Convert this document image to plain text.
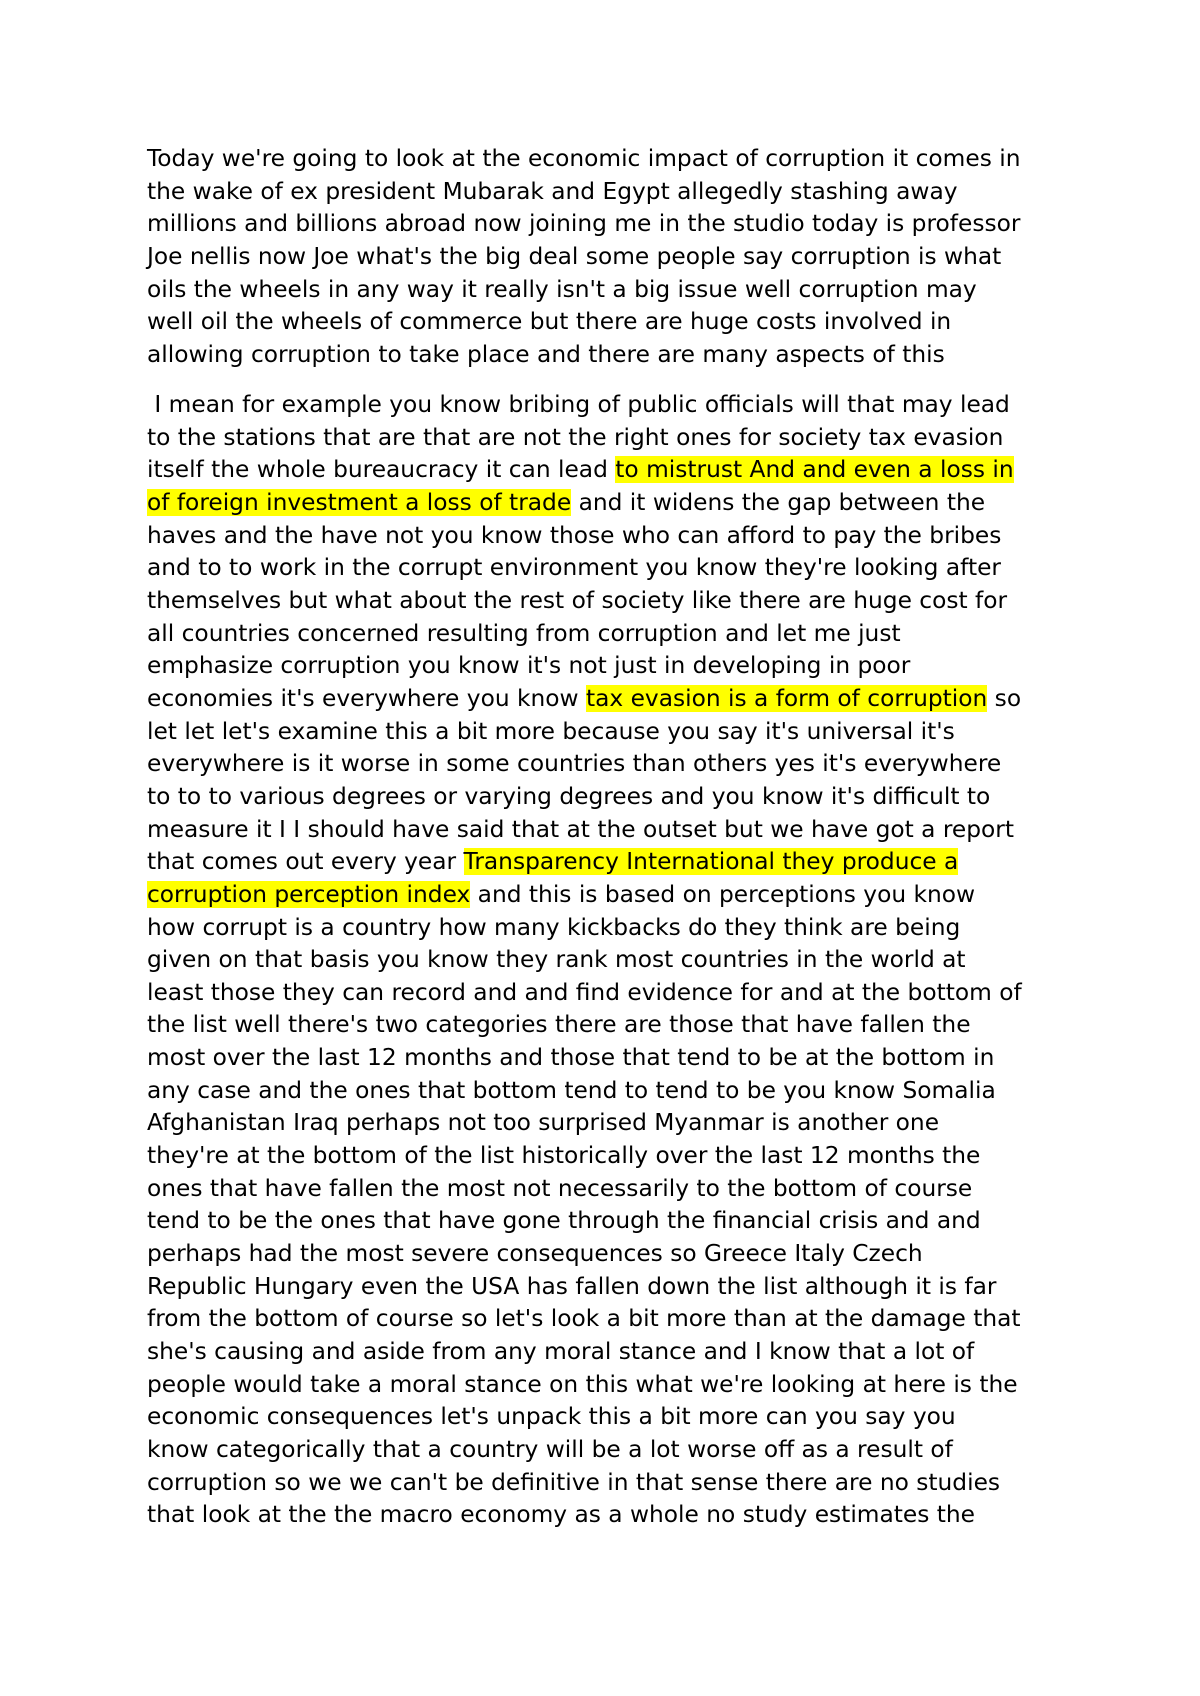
Today we're going to look at the economic impact of corruption it comes in
the wake of ex president Mubarak and Egypt allegedly stashing away
millions and billions abroad now joining me in the studio today is professor
Joe nellis now Joe what's the big deal some people say corruption is what
oils the wheels in any way it really isn't a big issue well corruption may
well oil the wheels of commerce but there are huge costs involved in
allowing corruption to take place and there are many aspects of this
I mean for example you know bribing of public officials will that may lead
to the stations that are that are not the right ones for society tax evasion
itself the whole bureaucracy it can lead to mistrust And and even a loss in
of foreign investment a loss of trade and it widens the gap between the
haves and the have not you know those who can afford to pay the bribes
and to to work in the corrupt environment you know they're looking after
themselves but what about the rest of society like there are huge cost for
all countries concerned resulting from corruption and let me just
emphasize corruption you know it's not just in developing in poor
economies it's everywhere you know tax evasion is a form of corruption so
let let let's examine this a bit more because you say it's universal it's
everywhere is it worse in some countries than others yes it's everywhere
to to to various degrees or varying degrees and you know it's difficult to
measure it I I should have said that at the outset but we have got a report
that comes out every year Transparency International they produce a
corruption perception index and this is based on perceptions you know
how corrupt is a country how many kickbacks do they think are being
given on that basis you know they rank most countries in the world at
least those they can record and and find evidence for and at the bottom of
the list well there's two categories there are those that have fallen the
most over the last 12 months and those that tend to be at the bottom in
any case and the ones that bottom tend to tend to be you know Somalia
Afghanistan Iraq perhaps not too surprised Myanmar is another one
they're at the bottom of the list historically over the last 12 months the
ones that have fallen the most not necessarily to the bottom of course
tend to be the ones that have gone through the financial crisis and and
perhaps had the most severe consequences so Greece Italy Czech
Republic Hungary even the USA has fallen down the list although it is far
from the bottom of course so let's look a bit more than at the damage that
she's causing and aside from any moral stance and I know that a lot of
people would take a moral stance on this what we're looking at here is the
economic consequences let's unpack this a bit more can you say you
know categorically that a country will be a lot worse off as a result of
corruption so we we can't be definitive in that sense there are no studies
that look at the the macro economy as a whole no study estimates the
